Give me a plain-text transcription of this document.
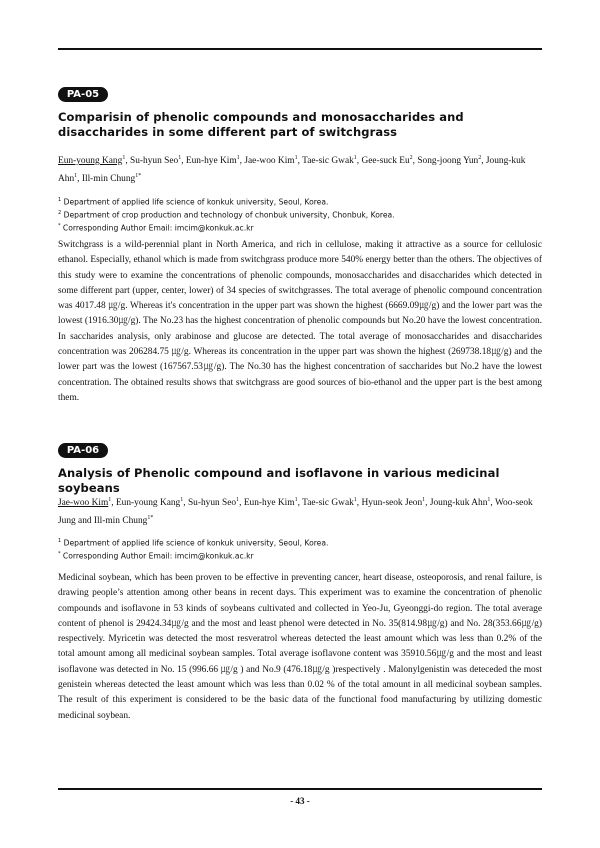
PA-05
Comparisin of phenolic compounds and monosaccharides and disaccharides in some different part of switchgrass
Eun-young Kang$^1$, Su-hyun Seo$^1$, Eun-hye Kim$^1$, Jae-woo Kim$^1$, Tae-sic Gwak$^1$, Gee-suck Eu$^2$, Song-joong Yun$^2$, Joung-kuk Ahn$^1$, Ill-min Chung$^{1*}$
$^1$ Department of applied life science of konkuk university, Seoul, Korea.
$^2$ Department of crop production and technology of chonbuk university, Chonbuk, Korea.
* Corresponding Author Email: imcim@konkuk.ac.kr
Switchgrass is a wild-perennial plant in North America, and rich in cellulose, making it attractive as a source for cellulosic ethanol. Especially, ethanol which is made from switchgrass produce more 540% energy better than the others. The objectives of this study were to examine the concentrations of phenolic compounds, monosaccharides and disaccharides which detected in some different part (upper, center, lower) of 34 species of switchgrasses. The total average of phenolic compound concentration was 4017.48 ㎍/g. Whereas it's concentration in the upper part was shown the highest (6669.09㎍/g) and the lower part was the lowest (1916.30㎍/g). The No.23 has the highest concentration of phenolic compounds but No.20 have the lowest concentration. In saccharides analysis, only arabinose and glucose are detected. The total average of monosaccharides and disaccharides concentration was 206284.75 ㎍/g. Whereas its concentration in the upper part was shown the highest (269738.18㎍/g) and the lower part was the lowest (167567.53㎍/g). The No.30 has the highest concentration of saccharides but No.2 have the lowest concentration. The obtained results shows that switchgrass are good sources of bio-ethanol and the upper part is the best among them.
PA-06
Analysis of Phenolic compound and isoflavone in various medicinal soybeans
Jae-woo Kim$^1$, Eun-young Kang$^1$, Su-hyun Seo$^1$, Eun-hye Kim$^1$, Tae-sic Gwak$^1$, Hyun-seok Jeon$^1$, Joung-kuk Ahn$^1$, Woo-seok Jung and Ill-min Chung$^{1*}$
$^1$ Department of applied life science of konkuk university, Seoul, Korea.
* Corresponding Author Email: imcim@konkuk.ac.kr
Medicinal soybean, which has been proven to be effective in preventing cancer, heart disease, osteoporosis, and renal failure, is drawing people’s attention among other beans in recent days. This experiment was to examine the concentration of phenolic compounds and isoflavone in 53 kinds of soybeans cultivated and collected in Yeo-Ju, Gyeonggi-do region. The total average content of phenol is 29424.34㎍/g and the most and least phenol were detected in No. 35(814.98㎍/g) and No. 28(353.66㎍/g) respectively. Myricetin was detected the most resveratrol whereas detected the least amount which was less than 0.2% of the total amount among all medicinal soybean samples. Total average isoflavone content was 35910.56㎍/g and the most and least isoflavone was detected in No. 15 (996.66 ㎍/g ) and No.9 (476.18㎍/g )respectively . Malonylgenistin was deteceded the most genistein whereas detected the least amount which was less than 0.02 % of the total amount in all medicinal soybean samples. The result of this experiment is considered to be the basic data of the functional food manufacturing by utilizing domestic medicinal soybean.
- 43 -
